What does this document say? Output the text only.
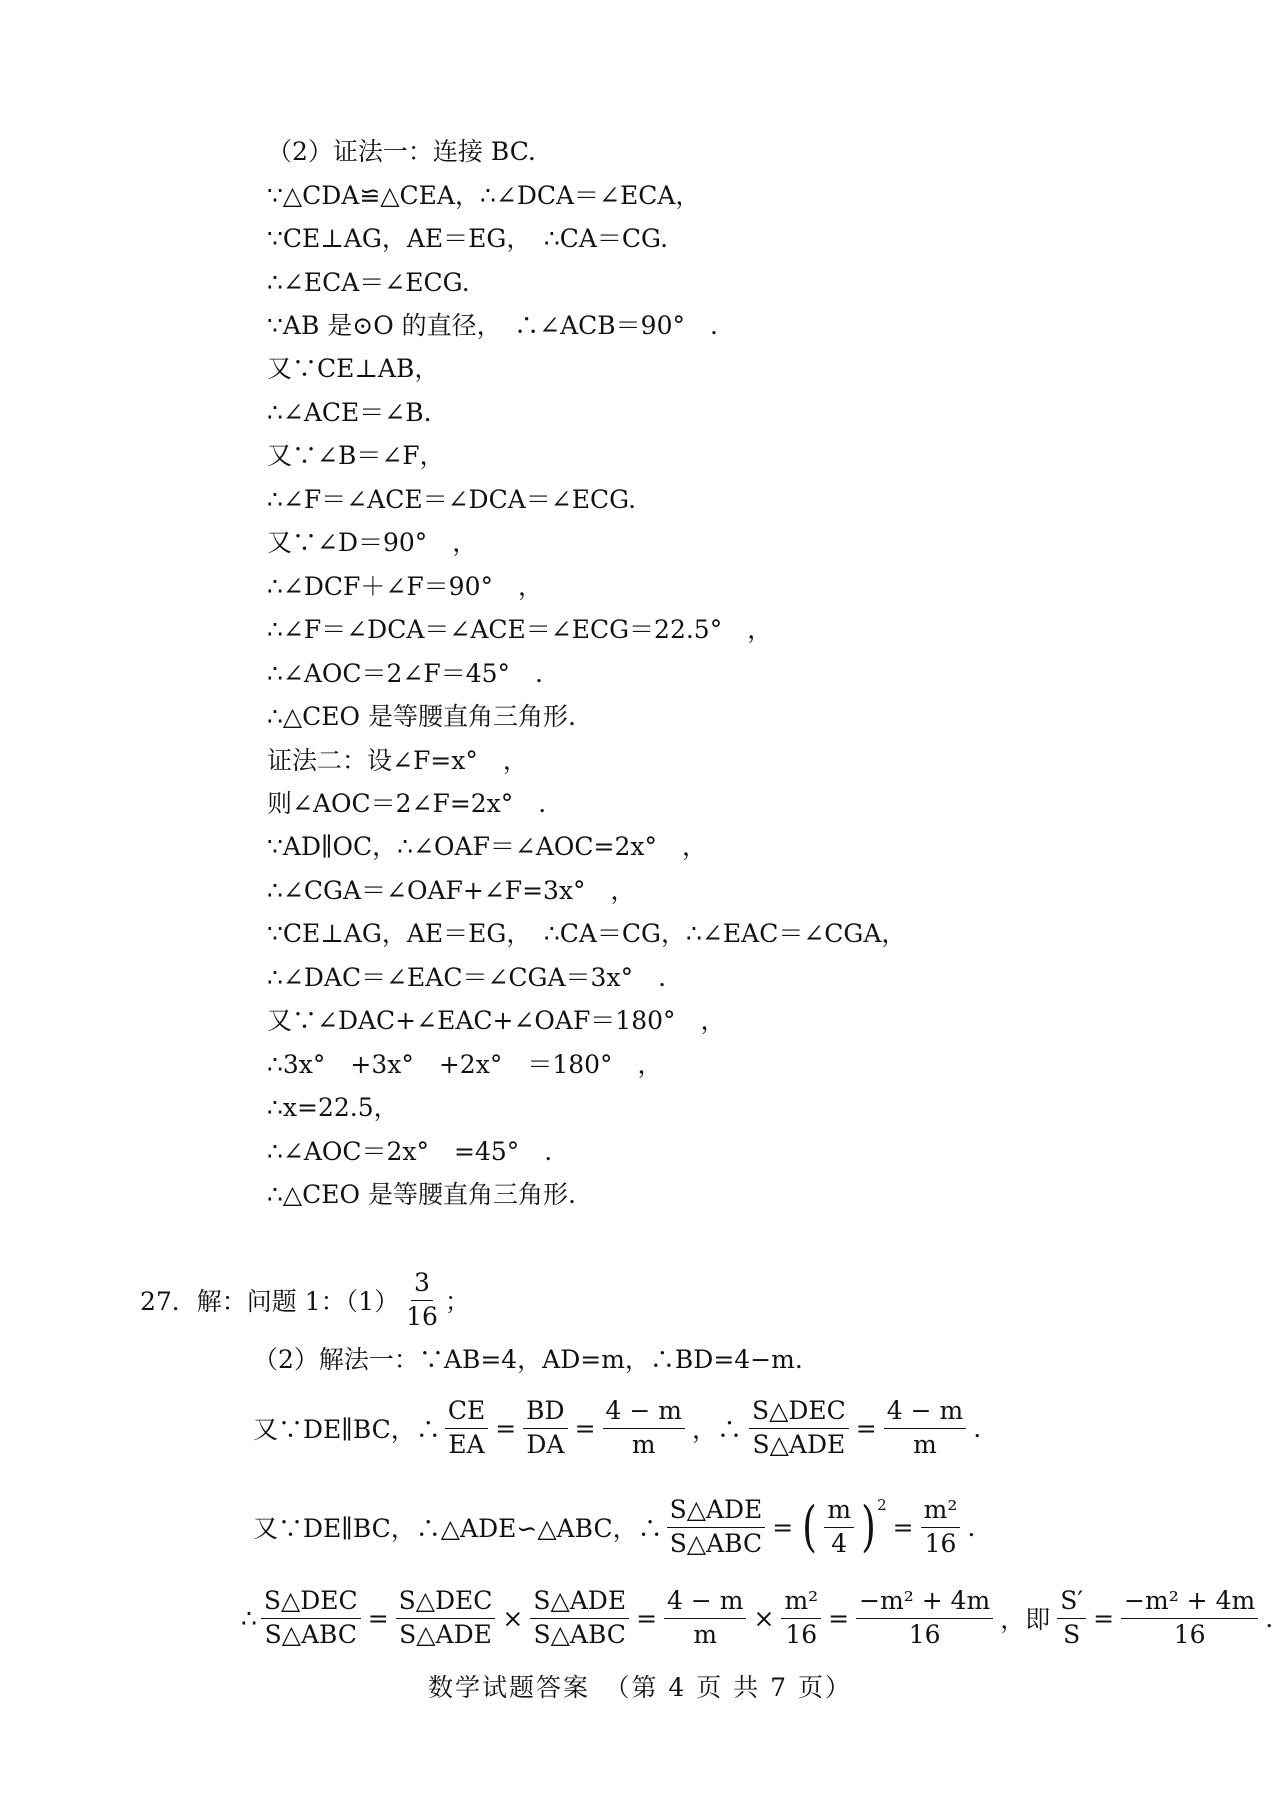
（2）证法一：连接 BC.
∵△CDA≌△CEA，∴∠DCA＝∠ECA，
∵CE⊥AG，AE＝EG，　∴CA＝CG.
∴∠ECA＝∠ECG.
∵AB 是⊙O 的直径，　∴∠ACB＝90°　.
又∵CE⊥AB，
∴∠ACE＝∠B.
又∵∠B＝∠F，
∴∠F＝∠ACE＝∠DCA＝∠ECG.
又∵∠D＝90°　，
∴∠DCF＋∠F＝90°　，
∴∠F＝∠DCA＝∠ACE＝∠ECG＝22.5°　，
∴∠AOC＝2∠F＝45°　.
∴△CEO 是等腰直角三角形.
证法二：设∠F=x°　，
则∠AOC＝2∠F=2x°　.
∵AD∥OC，∴∠OAF＝∠AOC=2x°　，
∴∠CGA＝∠OAF+∠F=3x°　，
∵CE⊥AG，AE＝EG，　∴CA＝CG，∴∠EAC＝∠CGA，
∴∠DAC＝∠EAC＝∠CGA＝3x°　.
又∵∠DAC+∠EAC+∠OAF＝180°　，
∴3x°　+3x°　+2x°　＝180°　，
∴x=22.5，
∴∠AOC＝2x°　=45°　.
∴△CEO 是等腰直角三角形.
27．解：问题 1：$(1) \frac{3}{16}$ ；
（2）解法一：∵AB=4，AD=m，∴BD=4−m.
又∵DE∥BC，∴ $\frac{CE}{EA} = \frac{BD}{DA} = \frac{4 - m}{m}$ ，∴ $\frac{\text{S△DEC}}{\text{S△ADE}} = \frac{4 - m}{m}$ .
又∵DE∥BC，∴△ADE∽△ABC，∴ $\frac{\text{S△ADE}}{\text{S△ABC}}$ = ( $\frac{m}{4}$ ) 2
= $\frac{\text{m²}}{16}$ .
∴ $\frac{\text{S△DEC}}{\text{S△ABC}} = \frac{\text{S△DEC}}{\text{S△ADE}} \times \frac{\text{S△ADE}}{\text{S△ABC}} = \frac{4 - m}{m} \times \frac{\text{m²}}{16} = \frac{\text{−m² + 4m}}{16}$ ，即 $\frac{S'}{S} = \frac{\text{−m² + 4m}}{16}$ .
数学试题答案　（第 4 页 共 7 页）
